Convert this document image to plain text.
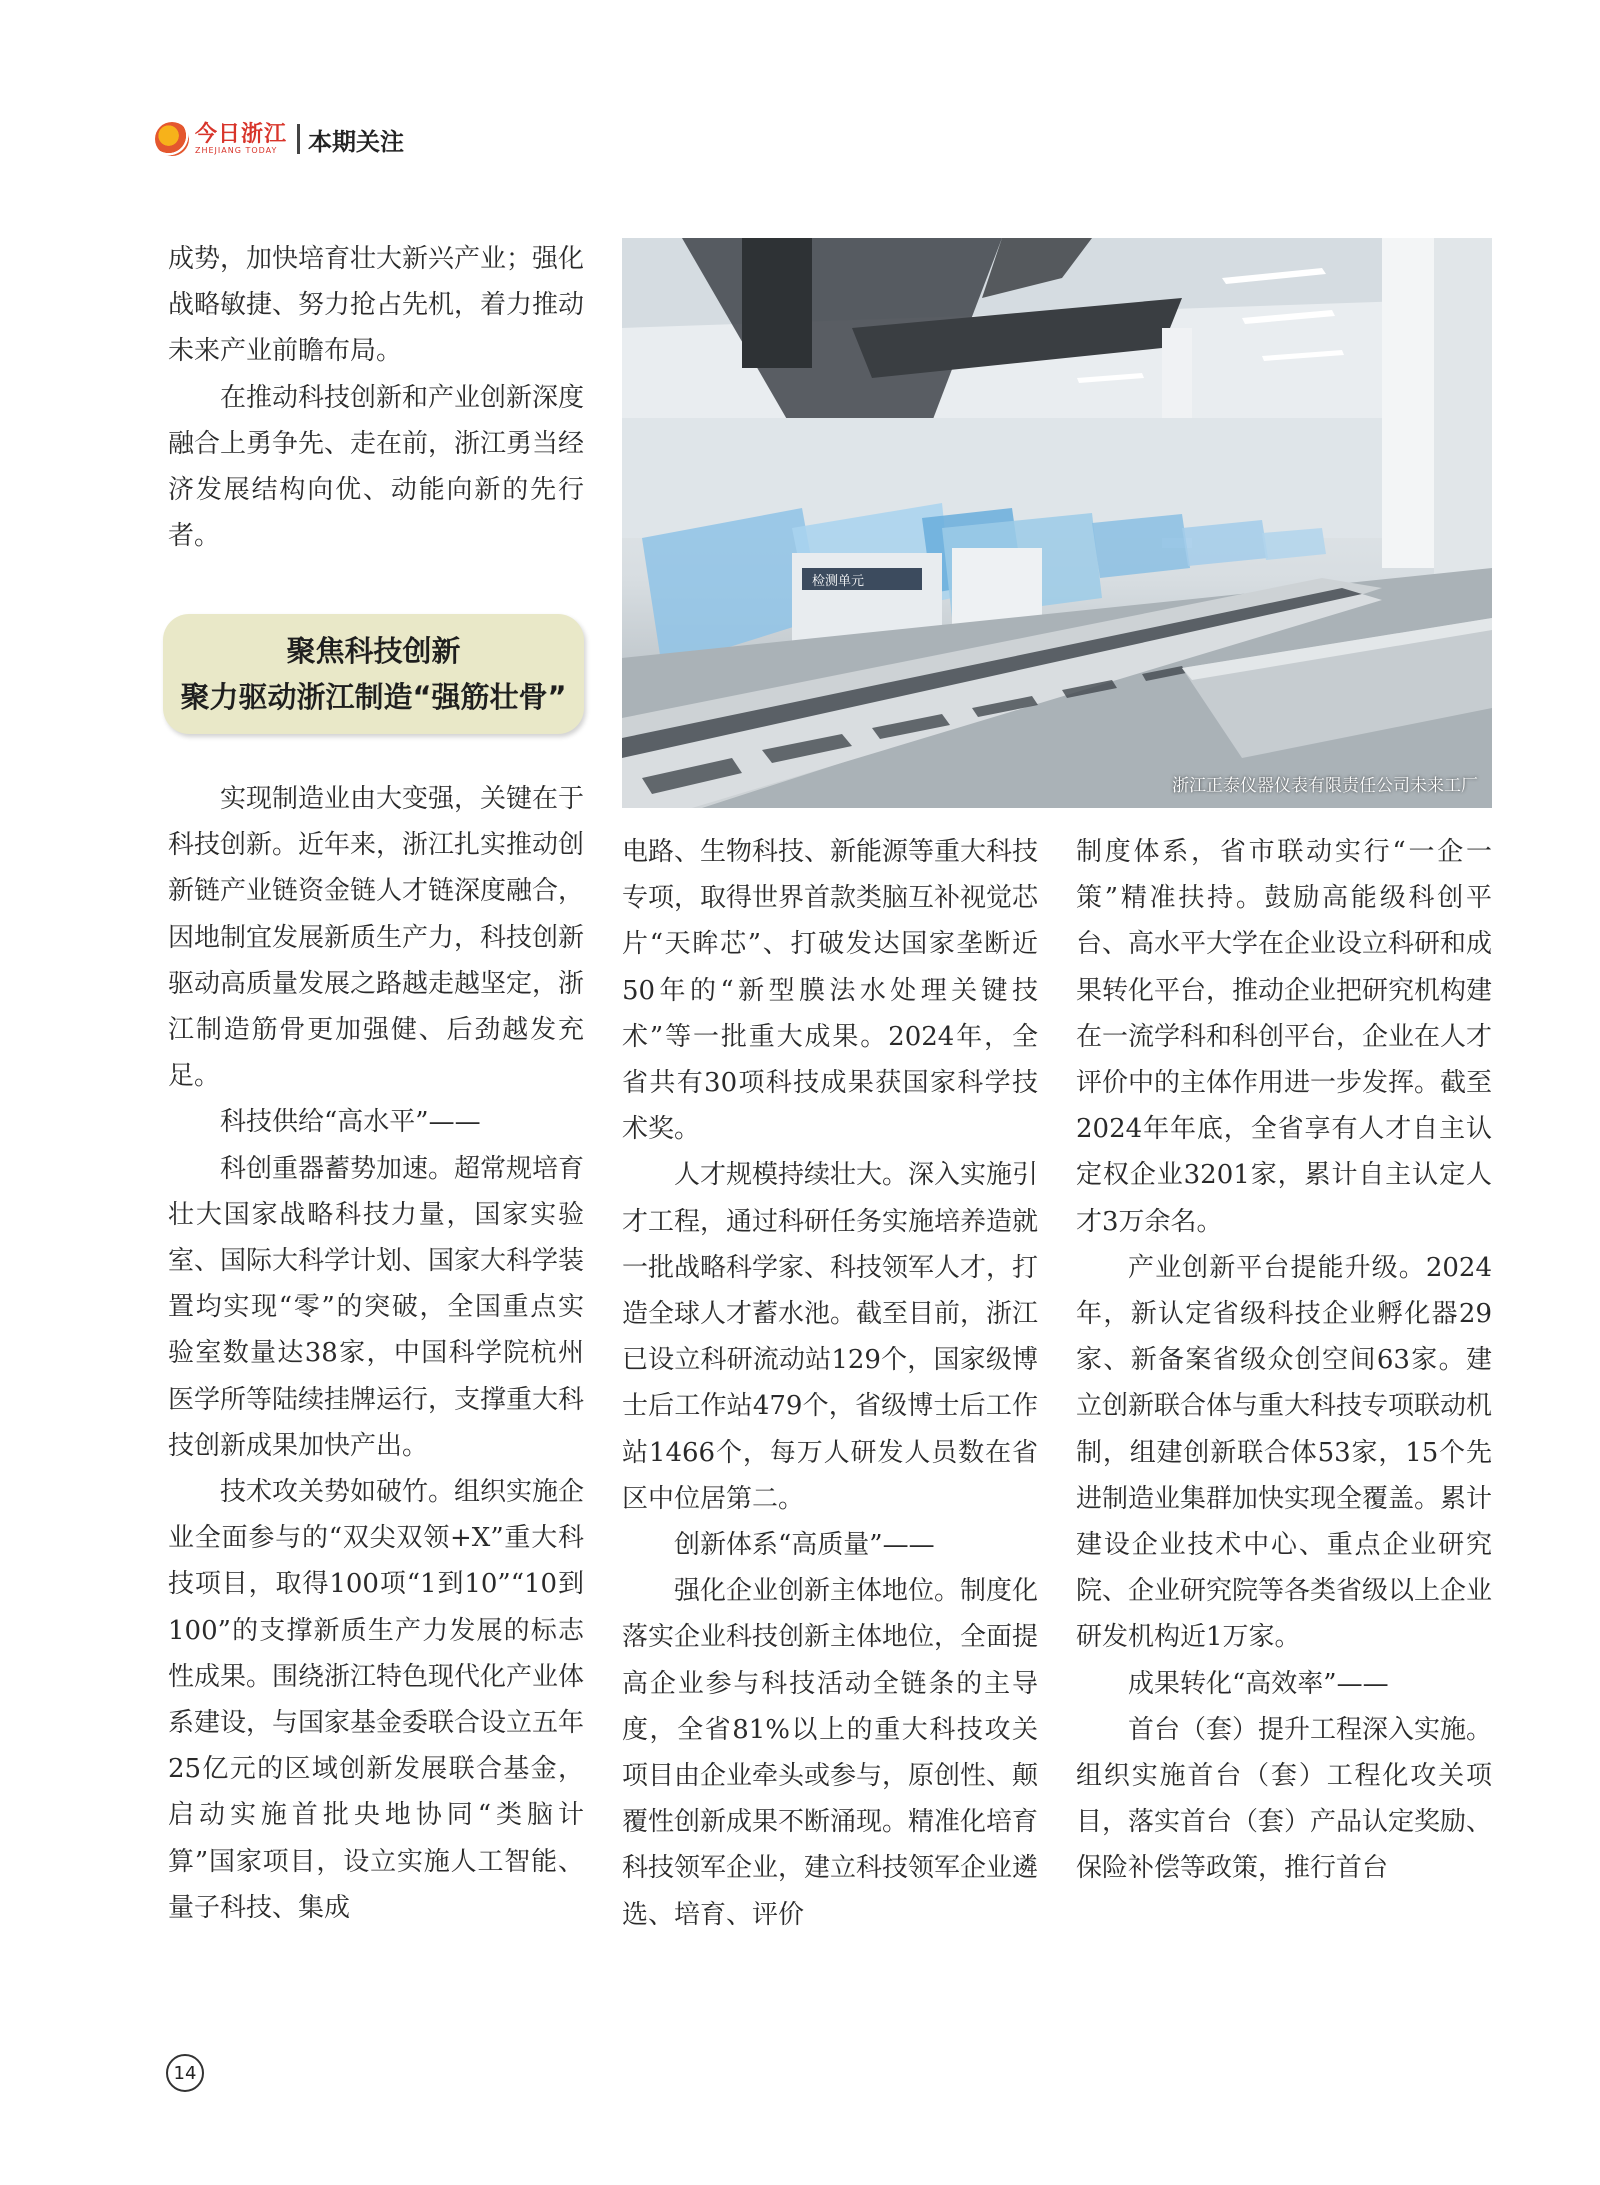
今日浙江
ZHEJIANG TODAY	本期关注

成势，加快培育壮大新兴产业；强化战略敏捷、努力抢占先机，着力推动未来产业前瞻布局。

在推动科技创新和产业创新深度融合上勇争先、走在前，浙江勇当经济发展结构向优、动能向新的先行者。

聚焦科技创新
聚力驱动浙江制造“强筋壮骨”
检测单元
浙江正泰仪器仪表有限责任公司未来工厂

实现制造业由大变强，关键在于科技创新。近年来，浙江扎实推动创新链产业链资金链人才链深度融合，因地制宜发展新质生产力，科技创新驱动高质量发展之路越走越坚定，浙江制造筋骨更加强健、后劲越发充足。

科技供给“高水平”——

科创重器蓄势加速。超常规培育壮大国家战略科技力量，国家实验室、国际大科学计划、国家大科学装置均实现“零”的突破，全国重点实验室数量达38家，中国科学院杭州医学所等陆续挂牌运行，支撑重大科技创新成果加快产出。

技术攻关势如破竹。组织实施企业全面参与的“双尖双领+X”重大科技项目，取得100项“1到10”“10到100”的支撑新质生产力发展的标志性成果。围绕浙江特色现代化产业体系建设，与国家基金委联合设立五年25亿元的区域创新发展联合基金，启动实施首批央地协同“类脑计算”国家项目，设立实施人工智能、量子科技、集成

电路、生物科技、新能源等重大科技专项，取得世界首款类脑互补视觉芯片“天眸芯”、打破发达国家垄断近50年的“新型膜法水处理关键技术”等一批重大成果。2024年，全省共有30项科技成果获国家科学技术奖。

人才规模持续壮大。深入实施引才工程，通过科研任务实施培养造就一批战略科学家、科技领军人才，打造全球人才蓄水池。截至目前，浙江已设立科研流动站129个，国家级博士后工作站479个，省级博士后工作站1466个，每万人研发人员数在省区中位居第二。

创新体系“高质量”——

强化企业创新主体地位。制度化落实企业科技创新主体地位，全面提高企业参与科技活动全链条的主导度，全省81%以上的重大科技攻关项目由企业牵头或参与，原创性、颠覆性创新成果不断涌现。精准化培育科技领军企业，建立科技领军企业遴选、培育、评价

制度体系，省市联动实行“一企一策”精准扶持。鼓励高能级科创平台、高水平大学在企业设立科研和成果转化平台，推动企业把研究机构建在一流学科和科创平台，企业在人才评价中的主体作用进一步发挥。截至2024年年底，全省享有人才自主认定权企业3201家，累计自主认定人才3万余名。

产业创新平台提能升级。2024年，新认定省级科技企业孵化器29家、新备案省级众创空间63家。建立创新联合体与重大科技专项联动机制，组建创新联合体53家，15个先进制造业集群加快实现全覆盖。累计建设企业技术中心、重点企业研究院、企业研究院等各类省级以上企业研发机构近1万家。

成果转化“高效率”——

首台（套）提升工程深入实施。组织实施首台（套）工程化攻关项目，落实首台（套）产品认定奖励、保险补偿等政策，推行首台

14
